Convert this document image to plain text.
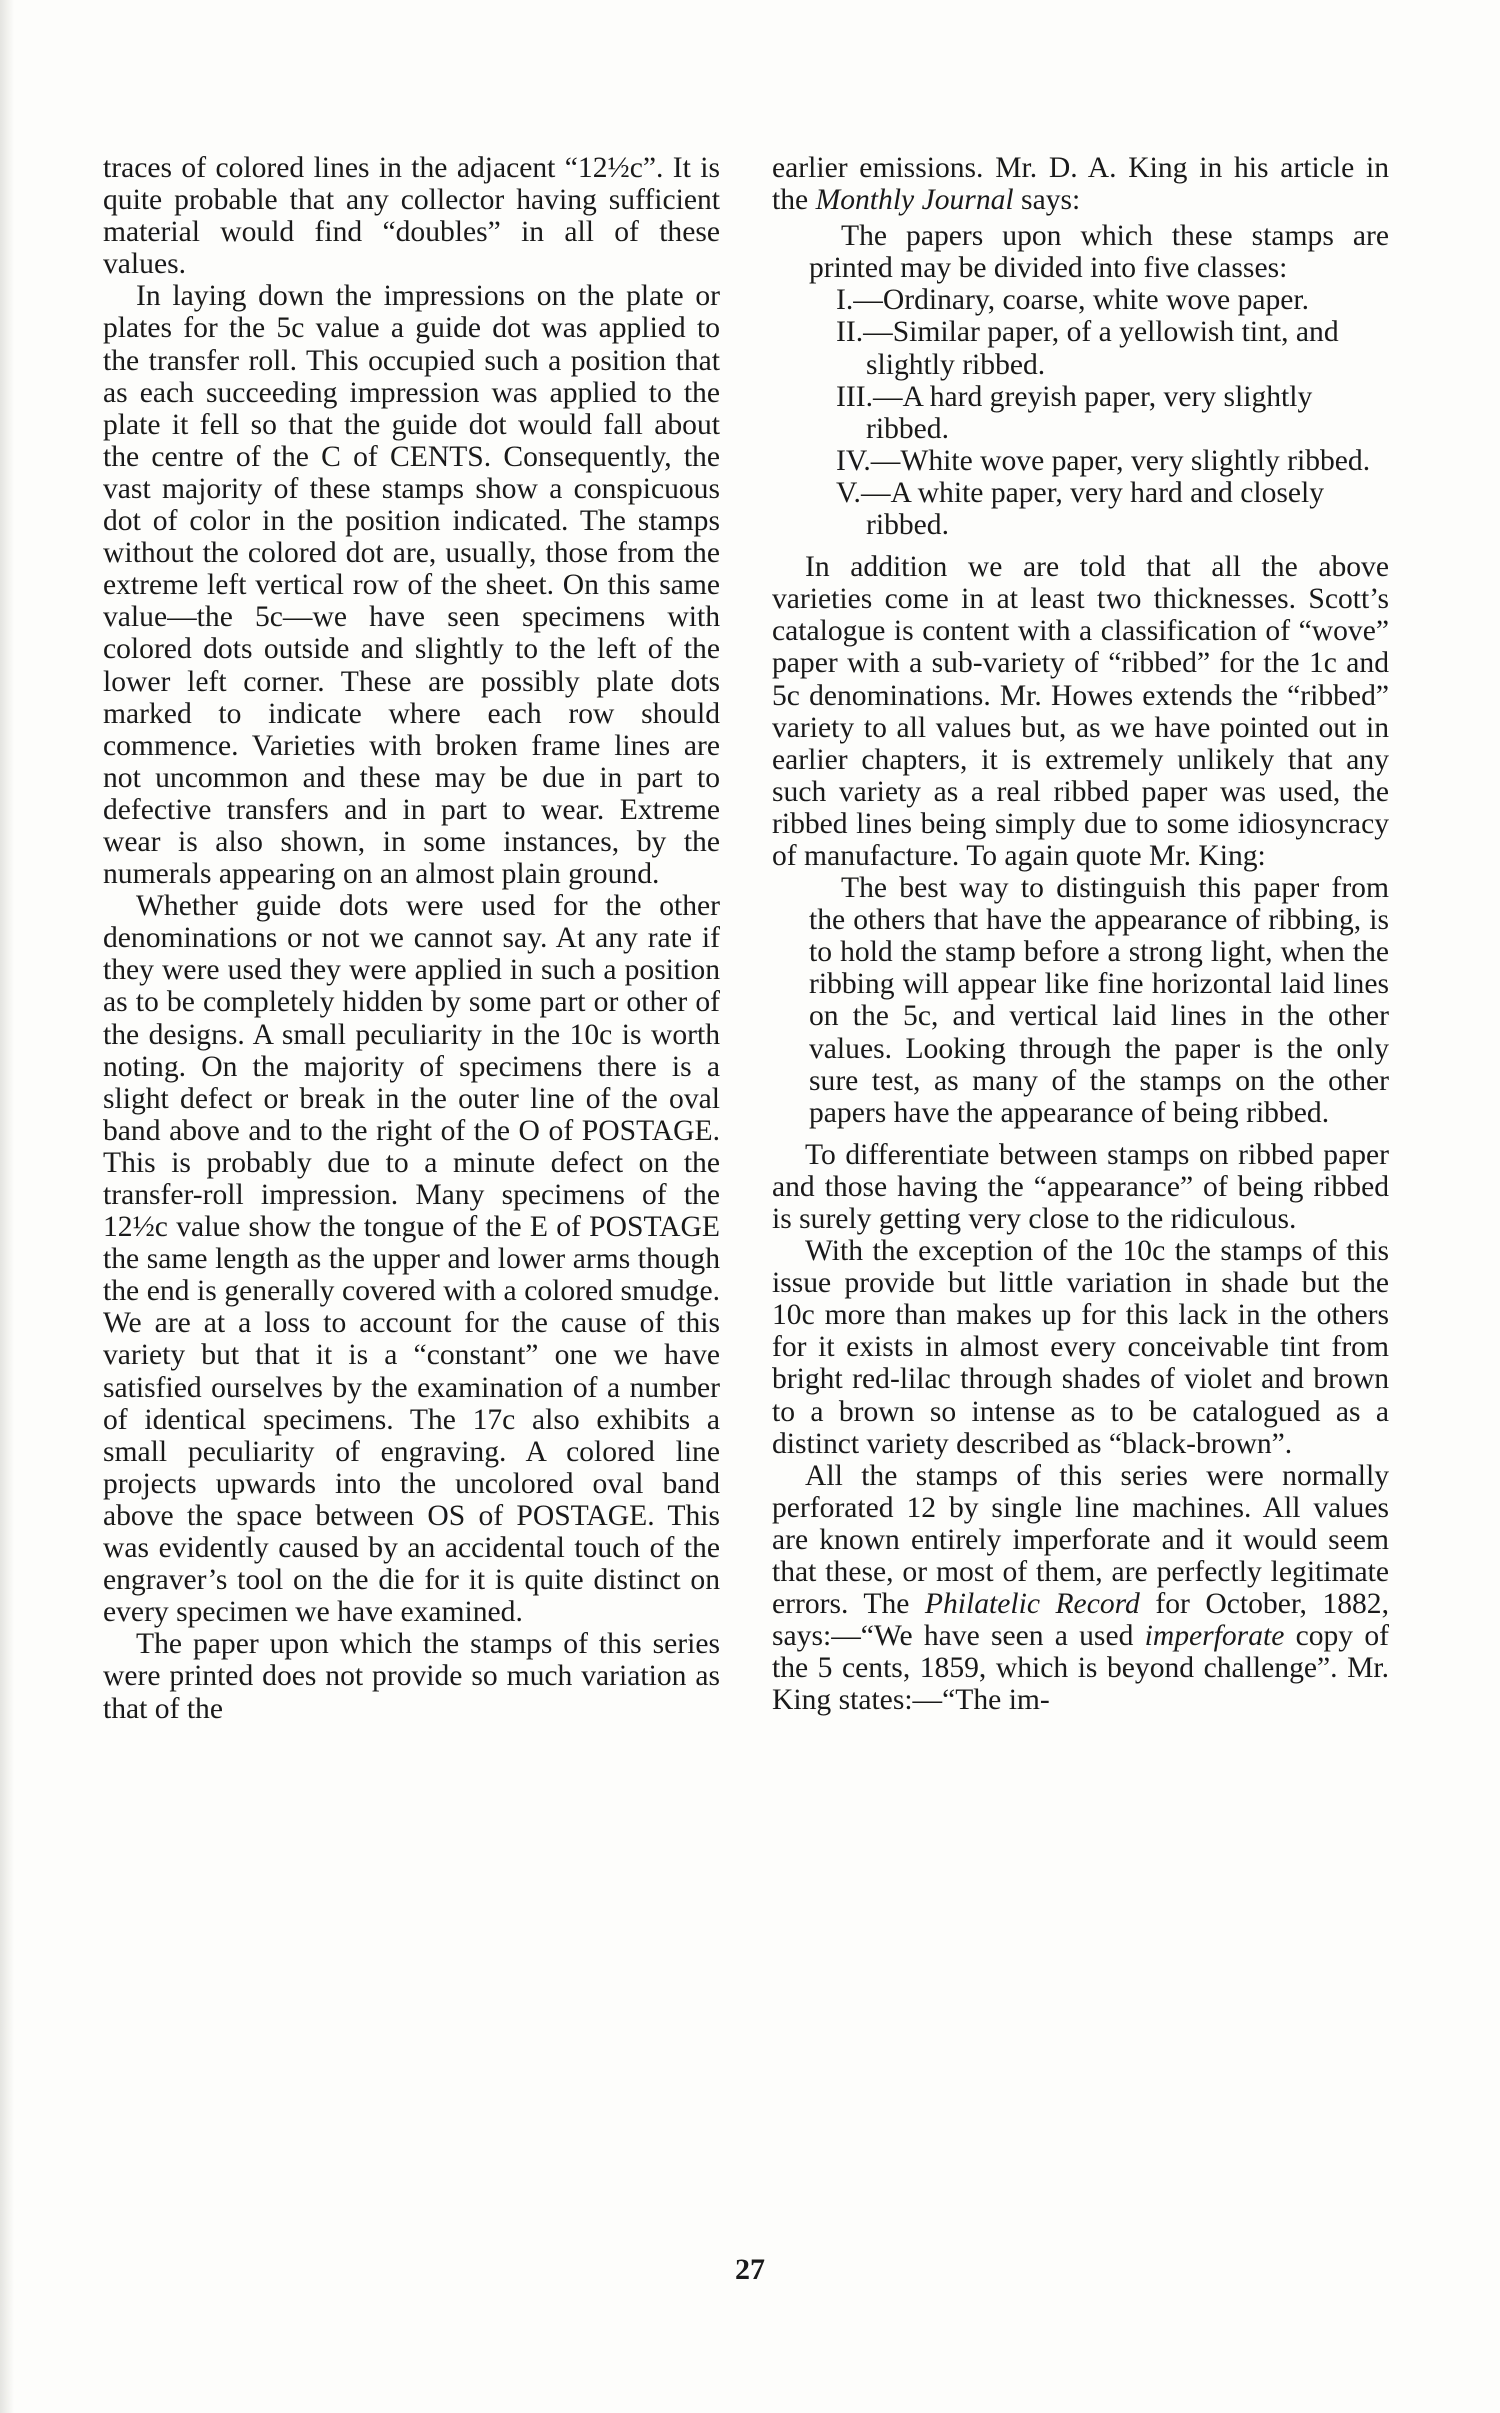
traces of colored lines in the adjacent “12½c”. It is quite probable that any collector having sufficient material would find “doubles” in all of these values.

In laying down the impressions on the plate or plates for the 5c value a guide dot was applied to the transfer roll. This occupied such a position that as each succeeding impression was applied to the plate it fell so that the guide dot would fall about the centre of the C of CENTS. Consequently, the vast majority of these stamps show a conspicuous dot of color in the position indicated. The stamps without the colored dot are, usually, those from the extreme left vertical row of the sheet. On this same value—the 5c—we have seen specimens with colored dots outside and slightly to the left of the lower left corner. These are possibly plate dots marked to indicate where each row should commence. Varieties with broken frame lines are not uncommon and these may be due in part to defective transfers and in part to wear. Extreme wear is also shown, in some instances, by the numerals appearing on an almost plain ground.

Whether guide dots were used for the other denominations or not we cannot say. At any rate if they were used they were applied in such a position as to be completely hidden by some part or other of the designs. A small peculiarity in the 10c is worth noting. On the majority of specimens there is a slight defect or break in the outer line of the oval band above and to the right of the O of POSTAGE. This is probably due to a minute defect on the transfer-roll impression. Many specimens of the 12½c value show the tongue of the E of POSTAGE the same length as the upper and lower arms though the end is generally covered with a colored smudge. We are at a loss to account for the cause of this variety but that it is a “constant” one we have satisfied ourselves by the examination of a number of identical specimens. The 17c also exhibits a small peculiarity of engraving. A colored line projects upwards into the uncolored oval band above the space between OS of POSTAGE. This was evidently caused by an accidental touch of the engraver’s tool on the die for it is quite distinct on every specimen we have examined.

The paper upon which the stamps of this series were printed does not provide so much variation as that of the

earlier emissions. Mr. D. A. King in his article in the Monthly Journal says:

The papers upon which these stamps are printed may be divided into five classes:

I.—Ordinary, coarse, white wove paper.
II.—Similar paper, of a yellowish tint, and slightly ribbed.
III.—A hard greyish paper, very slightly ribbed.
IV.—White wove paper, very slightly ribbed.
V.—A white paper, very hard and closely ribbed.

In addition we are told that all the above varieties come in at least two thicknesses. Scott’s catalogue is content with a classification of “wove” paper with a sub-variety of “ribbed” for the 1c and 5c denominations. Mr. Howes extends the “ribbed” variety to all values but, as we have pointed out in earlier chapters, it is extremely unlikely that any such variety as a real ribbed paper was used, the ribbed lines being simply due to some idiosyncracy of manufacture. To again quote Mr. King:

The best way to distinguish this paper from the others that have the appearance of ribbing, is to hold the stamp before a strong light, when the ribbing will appear like fine horizontal laid lines on the 5c, and vertical laid lines in the other values. Looking through the paper is the only sure test, as many of the stamps on the other papers have the appearance of being ribbed.

To differentiate between stamps on ribbed paper and those having the “appearance” of being ribbed is surely getting very close to the ridiculous.

With the exception of the 10c the stamps of this issue provide but little variation in shade but the 10c more than makes up for this lack in the others for it exists in almost every conceivable tint from bright red-lilac through shades of violet and brown to a brown so intense as to be catalogued as a distinct variety described as “black-brown”.

All the stamps of this series were normally perforated 12 by single line machines. All values are known entirely imperforate and it would seem that these, or most of them, are perfectly legitimate errors. The Philatelic Record for October, 1882, says:—“We have seen a used imperforate copy of the 5 cents, 1859, which is beyond challenge”. Mr. King states:—“The im-

27
